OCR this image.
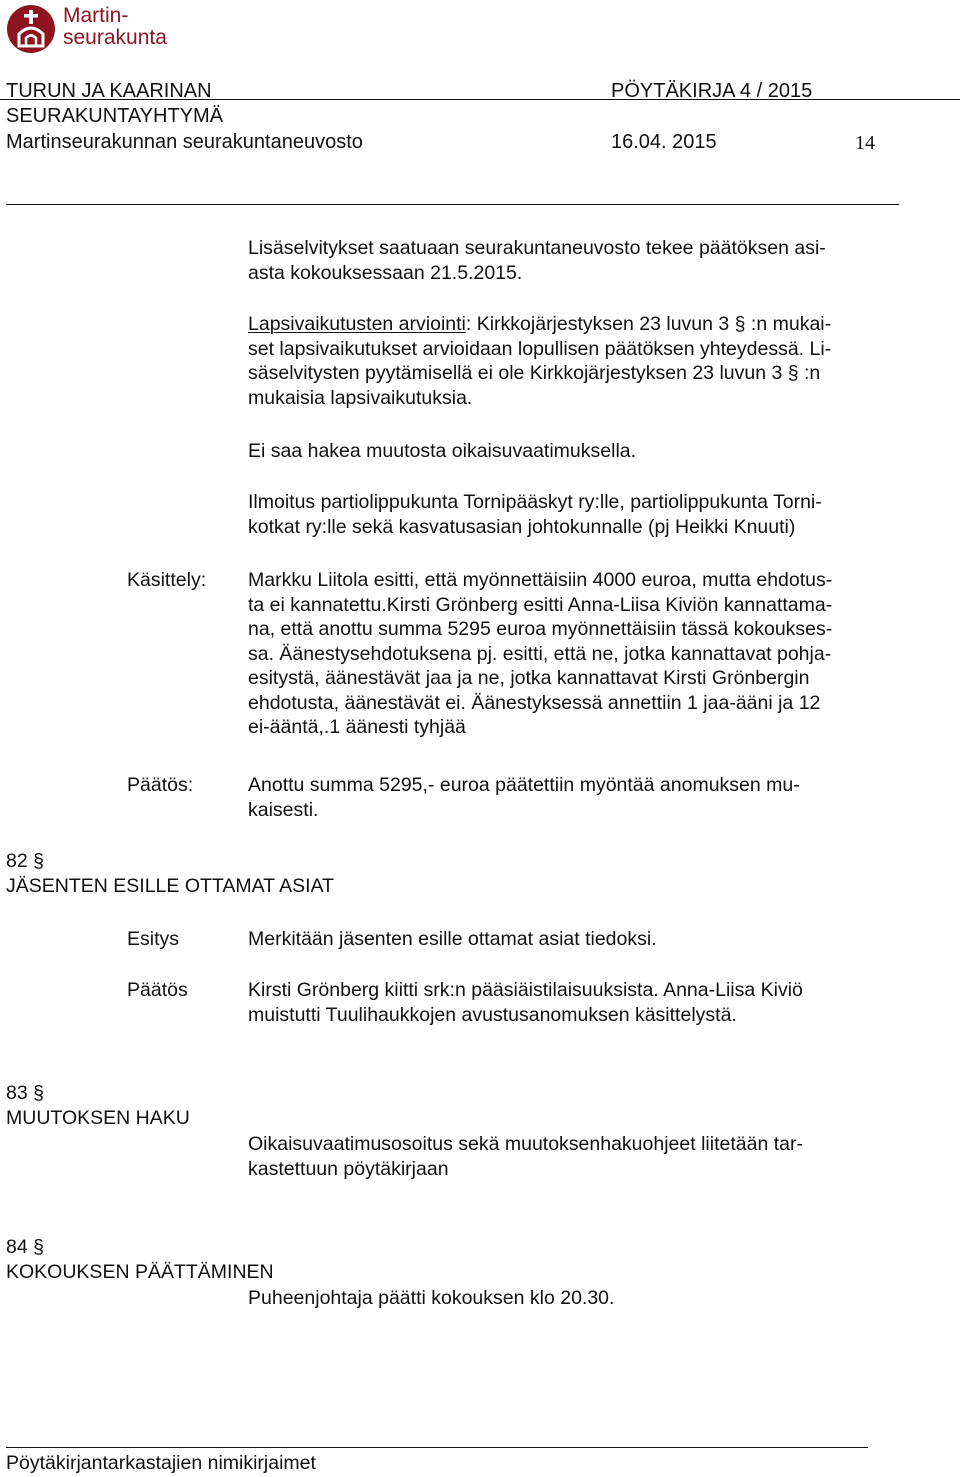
Martin-
seurakunta
TURUN JA KAARINAN	PÖYTÄKIRJA 4 / 2015
SEURAKUNTAYHTYMÄ
Martinseurakunnan seurakuntaneuvosto	16.04. 2015	14

Lisäselvitykset saatuaan seurakuntaneuvosto tekee päätöksen asi-

asta kokouksessaan 21.5.2015.

Lapsivaikutusten arviointi: Kirkkojärjestyksen 23 luvun 3 § :n mukai-

set lapsivaikutukset arvioidaan lopullisen päätöksen yhteydessä. Li-

säselvitysten pyytämisellä ei ole Kirkkojärjestyksen 23 luvun 3 § :n

mukaisia lapsivaikutuksia.

Ei saa hakea muutosta oikaisuvaatimuksella.

Ilmoitus partiolippukunta Tornipääskyt ry:lle, partiolippukunta Torni-

kotkat ry:lle sekä kasvatusasian johtokunnalle (pj Heikki Knuuti)

Käsittely: Markku Liitola esitti, että myönnettäisiin 4000 euroa, mutta ehdotus-

ta ei kannatettu.Kirsti Grönberg esitti Anna-Liisa Kiviön kannattama-

na, että anottu summa 5295 euroa myönnettäisiin tässä kokoukses-

sa. Äänestysehdotuksena pj. esitti, että ne, jotka kannattavat pohja-

esitystä, äänestävät jaa ja ne, jotka kannattavat Kirsti Grönbergin

ehdotusta, äänestävät ei. Äänestyksessä annettiin 1 jaa-ääni ja 12

ei-ääntä,.1 äänesti tyhjää

Päätös:	Anottu summa 5295,- euroa päätettiin myöntää anomuksen mu-

kaisesti.

82 §
JÄSENTEN ESILLE OTTAMAT ASIAT
Esitys	Merkitään jäsenten esille ottamat asiat tiedoksi.

Päätös	Kirsti Grönberg kiitti srk:n pääsiäistilaisuuksista. Anna-Liisa Kiviö

muistutti Tuulihaukkojen avustusanomuksen käsittelystä.

83 §
MUUTOKSEN HAKU

Oikaisuvaatimusosoitus sekä muutoksenhakuohjeet liitetään tar-

kastettuun pöytäkirjaan

84 §
KOKOUKSEN PÄÄTTÄMINEN

Puheenjohtaja päätti kokouksen klo 20.30.

Pöytäkirjantarkastajien nimikirjaimet
